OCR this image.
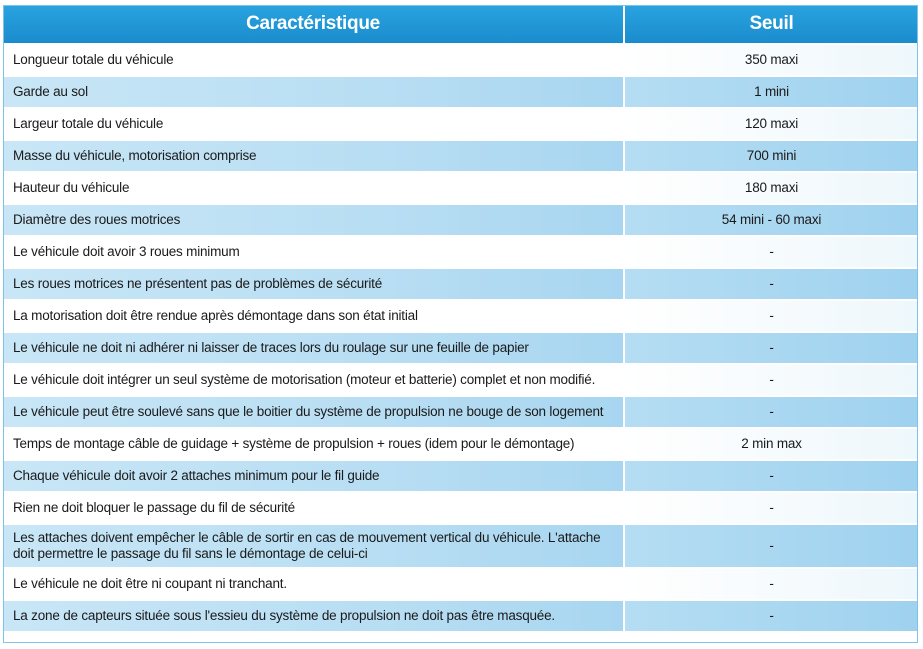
Caractéristique	Seuil
Longueur totale du véhicule	350 maxi
Garde au sol	1 mini
Largeur totale du véhicule	120 maxi
Masse du véhicule, motorisation comprise	700 mini
Hauteur du véhicule	180 maxi
Diamètre des roues motrices	54 mini - 60 maxi
Le véhicule doit avoir 3 roues minimum	-
Les roues motrices ne présentent pas de problèmes de sécurité	-
La motorisation doit être rendue après démontage dans son état initial	-
Le véhicule ne doit ni adhérer ni laisser de traces lors du roulage sur une feuille de papier	-
Le véhicule doit intégrer un seul système de motorisation (moteur et batterie) complet et non modifié.	-
Le véhicule peut être soulevé sans que le boitier du système de propulsion ne bouge de son logement	-
Temps de montage câble de guidage + système de propulsion + roues (idem pour le démontage)	2 min max
Chaque véhicule doit avoir 2 attaches minimum pour le fil guide	-
Rien ne doit bloquer le passage du fil de sécurité	-
Les attaches doivent empêcher le câble de sortir en cas de mouvement vertical du véhicule. L'attache doit permettre le passage du fil sans le démontage de celui-ci	-
Le véhicule ne doit être ni coupant ni tranchant.	-
La zone de capteurs située sous l'essieu du système de propulsion ne doit pas être masquée.	-
